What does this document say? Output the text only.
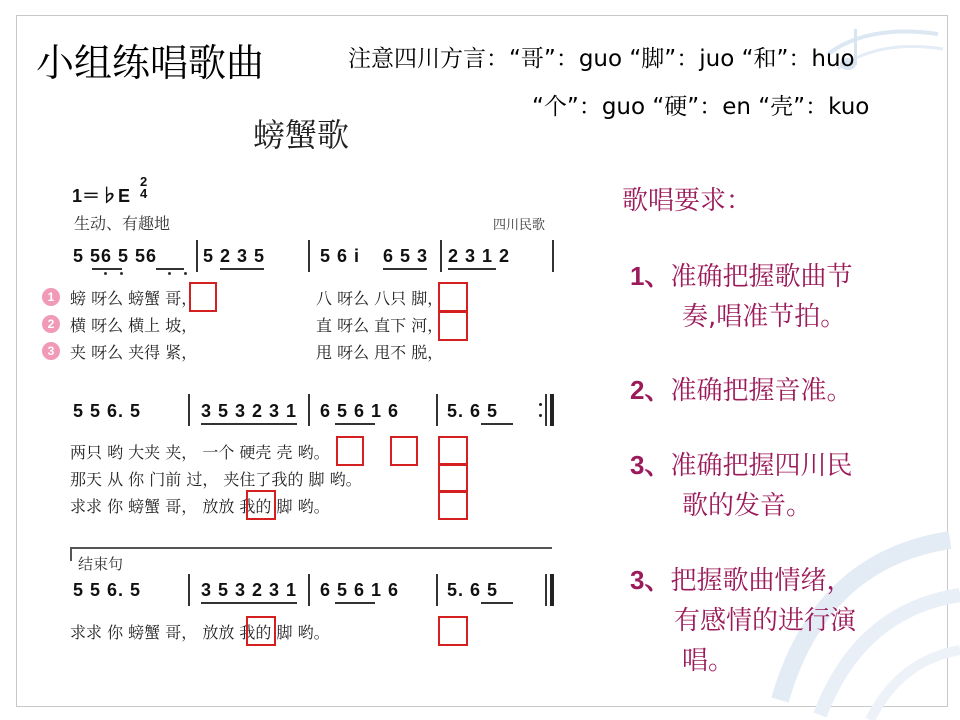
小组练唱歌曲	注意四川方言：“哥”：guo “脚”：juo “和”：huo
“个”：guo “硬”：en “壳”：kuo
螃蟹歌
1＝♭E
2
4
生动、有趣地	四川民歌
5 56 5 56	5 2 3 5	5 6 i 6 5 3 2 3 1 2
1
2
3
螃 呀么 螃蟹 哥，	八 呀么 八只 脚，
横 呀么 横上 坡，	直 呀么 直下 河，
夹 呀么 夹得 紧，	甩 呀么 甩不 脱，
5 5 6. 5	3 5 3 2 3 1 6 5 6 1 6	5. 6 5
两只 哟 大夹 夹， 一个 硬壳 壳 哟。
那天 从 你 门前 过， 夹住了我的 脚 哟。
求求 你 螃蟹 哥， 放放 我的 脚 哟。
结束句
5 5 6. 5	3 5 3 2 3 1 6 5 6 1 6	5. 6 5
求求 你 螃蟹 哥， 放放 我的 脚 哟。
歌唱要求：
1、准确把握歌曲节
奏,唱准节拍。
2、准确把握音准。
3、准确把握四川民
歌的发音。
3、把握歌曲情绪，
有感情的进行演
唱。
